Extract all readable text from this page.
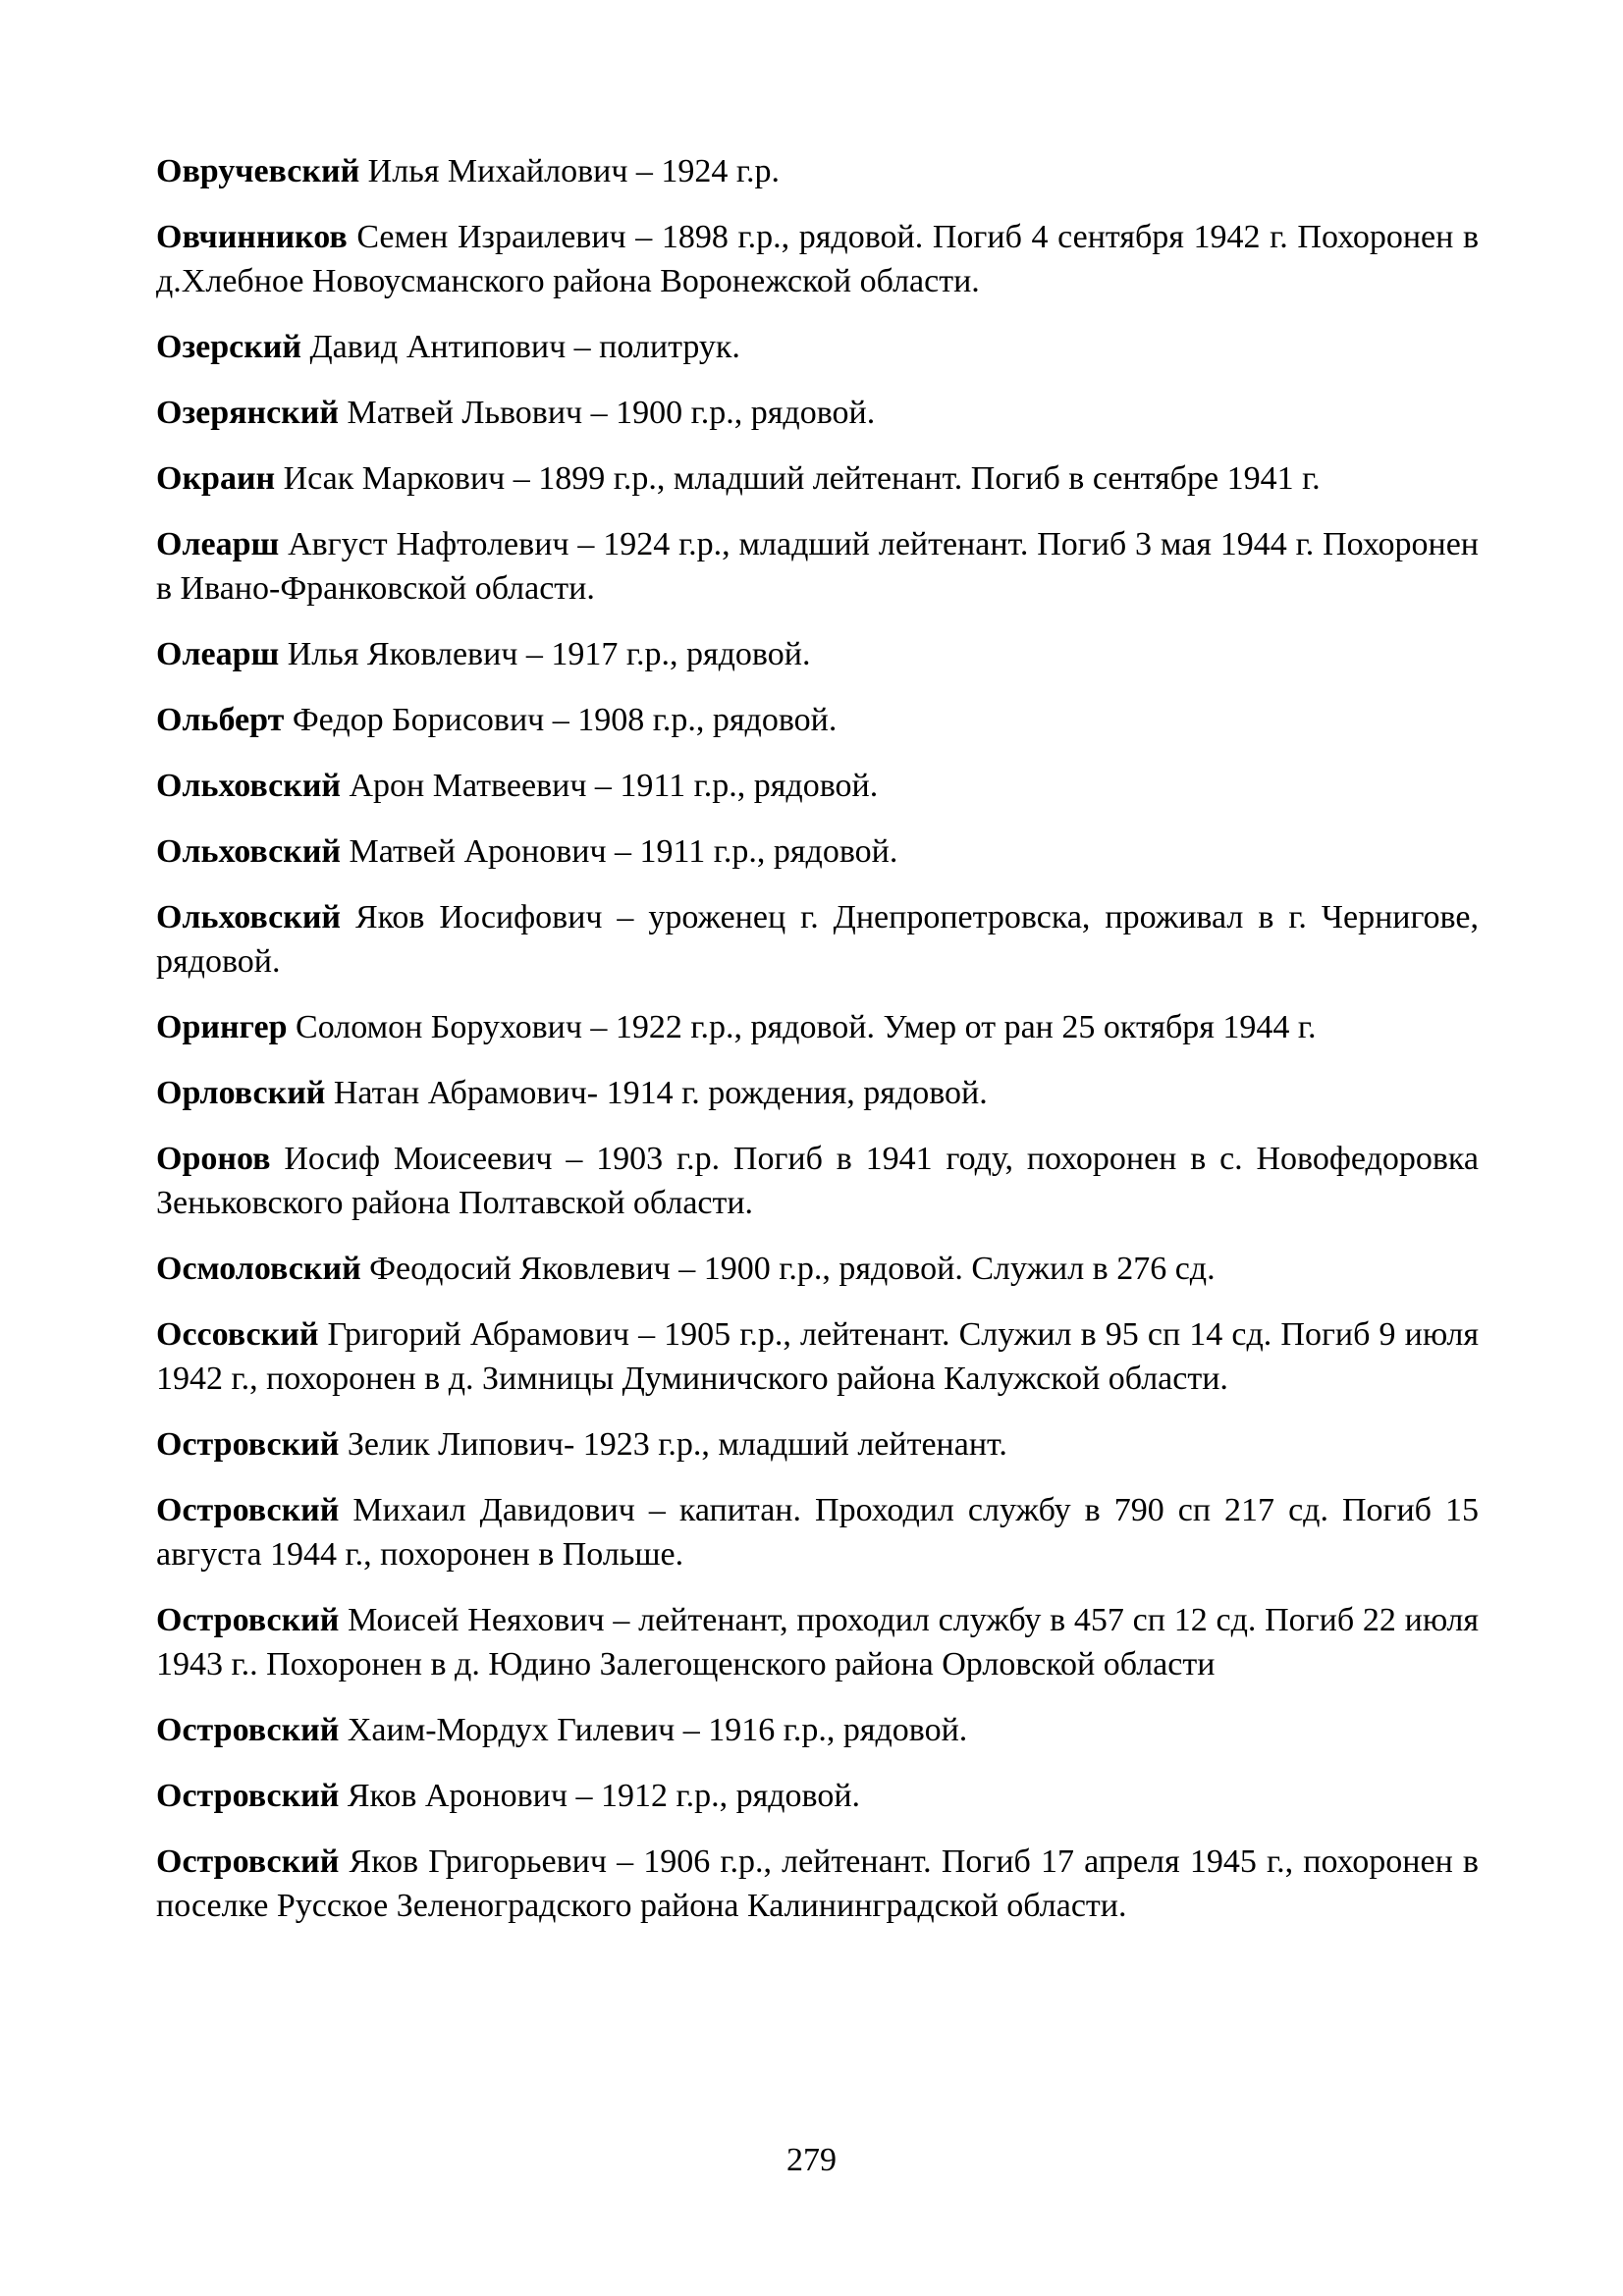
Овручевский Илья Михайлович – 1924 г.р.

Овчинников Семен Израилевич – 1898 г.р., рядовой. Погиб 4 сентября 1942 г. Похоронен в д.Хлебное Новоусманского района Воронежской области.

Озерский Давид Антипович – политрук.

Озерянский Матвей Львович – 1900 г.р., рядовой.

Окраин Исак Маркович – 1899 г.р., младший лейтенант. Погиб в сентябре 1941 г.

Олеарш Август Нафтолевич – 1924 г.р., младший лейтенант. Погиб 3 мая 1944 г. Похоронен в Ивано-Франковской области.

Олеарш Илья Яковлевич – 1917 г.р., рядовой.

Ольберт Федор Борисович – 1908 г.р., рядовой.

Ольховский Арон Матвеевич – 1911 г.р., рядовой.

Ольховский Матвей Аронович – 1911 г.р., рядовой.

Ольховский Яков Иосифович – уроженец г. Днепропетровска, проживал в г. Чернигове, рядовой.

Орингер Соломон Борухович – 1922 г.р., рядовой. Умер от ран 25 октября 1944 г.

Орловский Натан Абрамович- 1914 г. рождения, рядовой.

Оронов Иосиф Моисеевич – 1903 г.р. Погиб в 1941 году, похоронен в с. Новофедоровка Зеньковского района Полтавской области.

Осмоловский Феодосий Яковлевич – 1900 г.р., рядовой. Служил в 276 сд.

Оссовский Григорий Абрамович – 1905 г.р., лейтенант. Служил в 95 сп 14 сд. Погиб 9 июля 1942 г., похоронен в д. Зимницы Думиничского района Калужской области.

Островский Зелик Липович- 1923 г.р., младший лейтенант.

Островский Михаил Давидович – капитан. Проходил службу в 790 сп 217 сд. Погиб 15 августа 1944 г., похоронен в Польше.

Островский Моисей Неяхович – лейтенант, проходил службу в 457 сп 12 сд. Погиб 22 июля 1943 г.. Похоронен в д. Юдино Залегощенского района Орловской области

Островский Хаим-Мордух Гилевич – 1916 г.р., рядовой.

Островский Яков Аронович – 1912 г.р., рядовой.

Островский Яков Григорьевич – 1906 г.р., лейтенант. Погиб 17 апреля 1945 г., похоронен в поселке Русское Зеленоградского района Калининградской области.

279
